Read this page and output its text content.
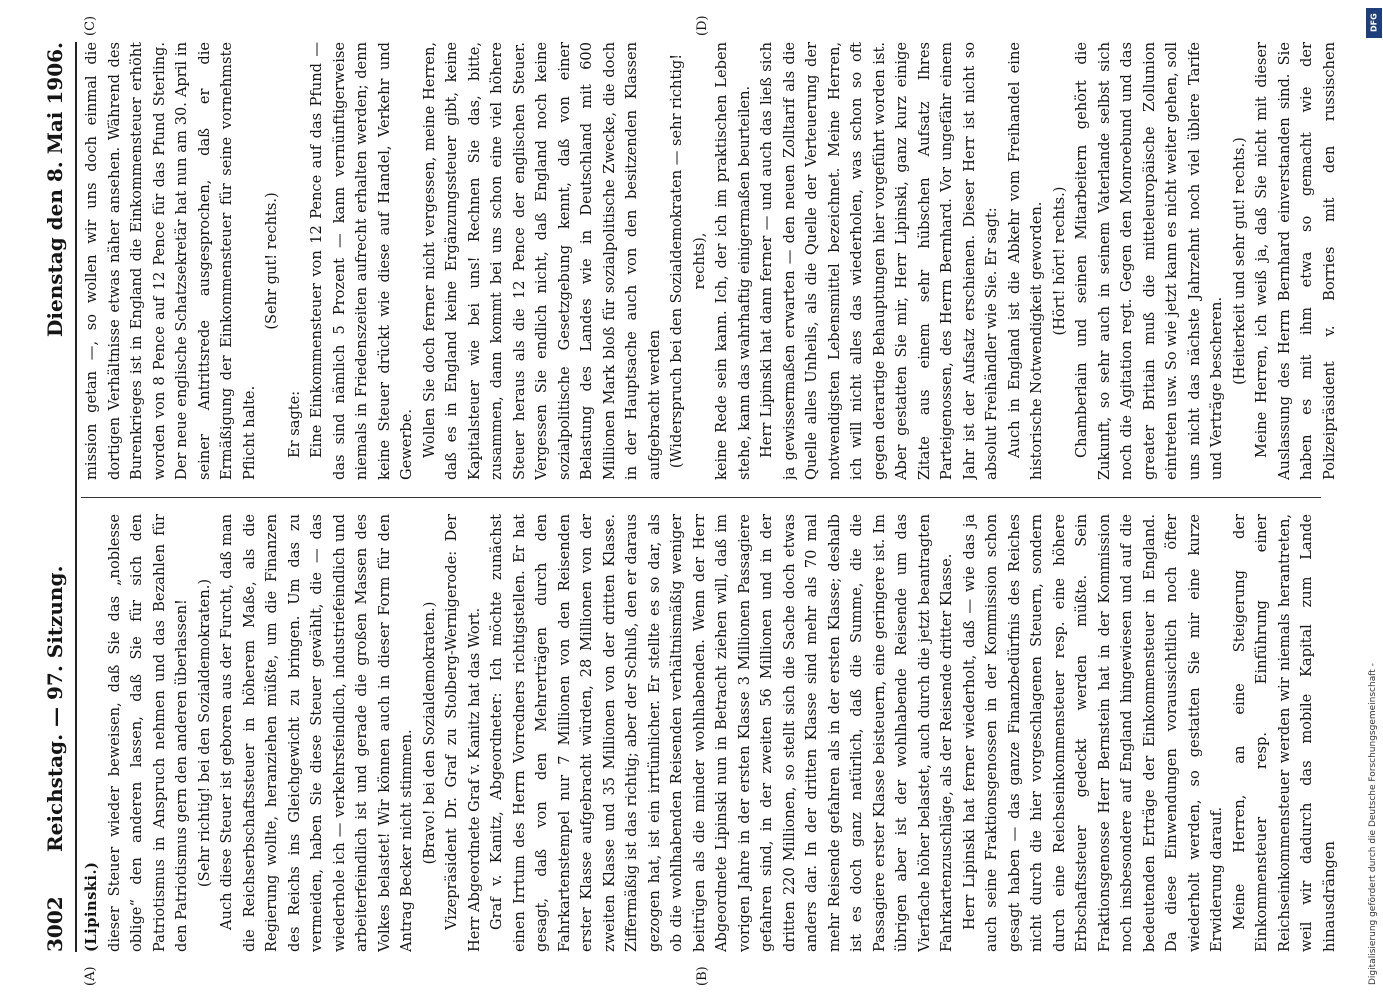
3002
Reichstag. — 97. Sitzung.
Dienstag den 8. Mai 1906.

(Lipinski.) dieser Steuer wieder beweisen, daß Sie das „noblesse oblige“ den anderen lassen, daß Sie für sich den Patriotismus in Anspruch nehmen und das Bezahlen für den Patriotismus gern den anderen überlassen! (Sehr richtig! bei den Sozialdemokraten.) Auch diese Steuer ist geboren aus der Furcht, daß man die Reichserbschaftssteuer in höherem Maße, als die Regierung wollte, heranziehen müßte, um die Finanzen des Reichs ins Gleichgewicht zu bringen. Um das zu vermeiden, haben Sie diese Steuer gewählt, die — das wiederhole ich — verkehrsfeindlich, industriefeindlich und arbeiterfeindlich ist und gerade die großen Massen des Volkes belastet! Wir können auch in dieser Form für den Antrag Becker nicht stimmen. (Bravo! bei den Sozialdemokraten.) Vizepräsident Dr. Graf zu Stolberg-Wernigerode: Der Herr Abgeordnete Graf v. Kanitz hat das Wort. Graf v. Kanitz, Abgeordneter: Ich möchte zunächst einen Irrtum des Herrn Vorredners richtigstellen. Er hat gesagt, daß von den Mehrerträgen durch den Fahrkartenstempel nur 7 Millionen von den Reisenden erster Klasse aufgebracht würden, 28 Millionen von der zweiten Klasse und 35 Millionen von der dritten Klasse. Ziffermäßig ist das richtig; aber der Schluß, den er daraus gezogen hat, ist ein irrtümlicher. Er stellte es so dar, als ob die wohlhabenden Reisenden verhältnismäßig weniger beitrügen als die minder wohlhabenden. Wenn der Herr Abgeordnete Lipinski nun in Betracht ziehen will, daß im vorigen Jahre in der ersten Klasse 3 Millionen Passagiere gefahren sind, in der zweiten 56 Millionen und in der dritten 220 Millionen, so stellt sich die Sache doch etwas anders dar. In der dritten Klasse sind mehr als 70 mal mehr Reisende gefahren als in der ersten Klasse; deshalb ist es doch ganz natürlich, daß die Summe, die die Passagiere erster Klasse beisteuern, eine geringere ist. Im übrigen aber ist der wohlhabende Reisende um das Vierfache höher belastet, auch durch die jetzt beantragten Fahrkartenzuschläge, als der Reisende dritter Klasse. Herr Lipinski hat ferner wiederholt, daß — wie das ja auch seine Fraktionsgenossen in der Kommission schon gesagt haben — das ganze Finanzbedürfnis des Reiches nicht durch die hier vorgeschlagenen Steuern, sondern durch eine Reichseinkommensteuer resp. eine höhere Erbschaftssteuer gedeckt werden müßte. Sein Fraktionsgenosse Herr Bernstein hat in der Kommission noch insbesondere auf England hingewiesen und auf die bedeutenden Erträge der Einkommensteuer in England. Da diese Einwendungen voraussichtlich noch öfter wiederholt werden, so gestatten Sie mir eine kurze Erwiderung darauf. Meine Herren, an eine Steigerung der Einkommensteuer resp. Einführung einer Reichseinkommensteuer werden wir niemals herantreten, weil wir dadurch das mobile Kapital zum Lande hinausdrängen

mission getan —, so wollen wir uns doch einmal die dortigen Verhältnisse etwas näher ansehen. Während des Burenkrieges ist in England die Einkommensteuer erhöht worden von 8 Pence auf 12 Pence für das Pfund Sterling. Der neue englische Schatzsekretär hat nun am 30. April in seiner Antrittsrede ausgesprochen, daß er die Ermäßigung der Einkommensteuer für seine vornehmste Pflicht halte.

(Sehr gut! rechts.)

Er sagte: Eine Einkommensteuer von 12 Pence auf das Pfund — das sind nämlich 5 Prozent — kann vernünftigerweise niemals in Friedenszeiten aufrecht erhalten werden; denn keine Steuer drückt wie diese auf Handel, Verkehr und Gewerbe. Wollen Sie doch ferner nicht vergessen, meine Herren, daß es in England keine Ergänzungssteuer gibt, keine Kapitalsteuer wie bei uns! Rechnen Sie das, bitte, zusammen, dann kommt bei uns schon eine viel höhere Steuer heraus als die 12 Pence der englischen Steuer. Vergessen Sie endlich nicht, daß England noch keine sozialpolitische Gesetzgebung kennt, daß von einer Belastung des Landes wie in Deutschland mit 600 Millionen Mark bloß für sozialpolitische Zwecke, die doch in der Hauptsache auch von den besitzenden Klassen aufgebracht werden (Widerspruch bei den Sozialdemokraten — sehr richtig! rechts), keine Rede sein kann. Ich, der ich im praktischen Leben stehe, kann das wahrhaftig einigermaßen beurteilen. Herr Lipinski hat dann ferner — und auch das ließ sich ja gewissermaßen erwarten — den neuen Zolltarif als die Quelle alles Unheils, als die Quelle der Verteuerung der notwendigsten Lebensmittel bezeichnet. Meine Herren, ich will nicht alles das wiederholen, was schon so oft gegen derartige Behauptungen hier vorgeführt worden ist. Aber gestatten Sie mir, Herr Lipinski, ganz kurz einige Zitate aus einem sehr hübschen Aufsatz Ihres Parteigenossen, des Herrn Bernhard. Vor ungefähr einem Jahr ist der Aufsatz erschienen. Dieser Herr ist nicht so absolut Freihändler wie Sie. Er sagt: Auch in England ist die Abkehr vom Freihandel eine historische Notwendigkeit geworden. (Hört! hört! rechts.) Chamberlain und seinen Mitarbeitern gehört die Zukunft, so sehr auch in seinem Vaterlande selbst sich noch die Agitation regt. Gegen den Monroebund und das greater Britain muß die mitteleuropäische Zollunion eintreten usw. So wie jetzt kann es nicht weiter gehen, soll uns nicht das nächste Jahrzehnt noch viel üblere Tarife und Verträge bescheren.

(Heiterkeit und sehr gut! rechts.)

Meine Herren, ich weiß ja, daß Sie nicht mit dieser Auslassung des Herrn Bernhard einverstanden sind. Sie haben es mit ihm etwa so gemacht wie der Polizeipräsident v. Borries mit den russischen

(A)	(B)
(C)	(D)	DFG
Digitalisierung gefördert durch die Deutsche Forschungsgemeinschaft -
